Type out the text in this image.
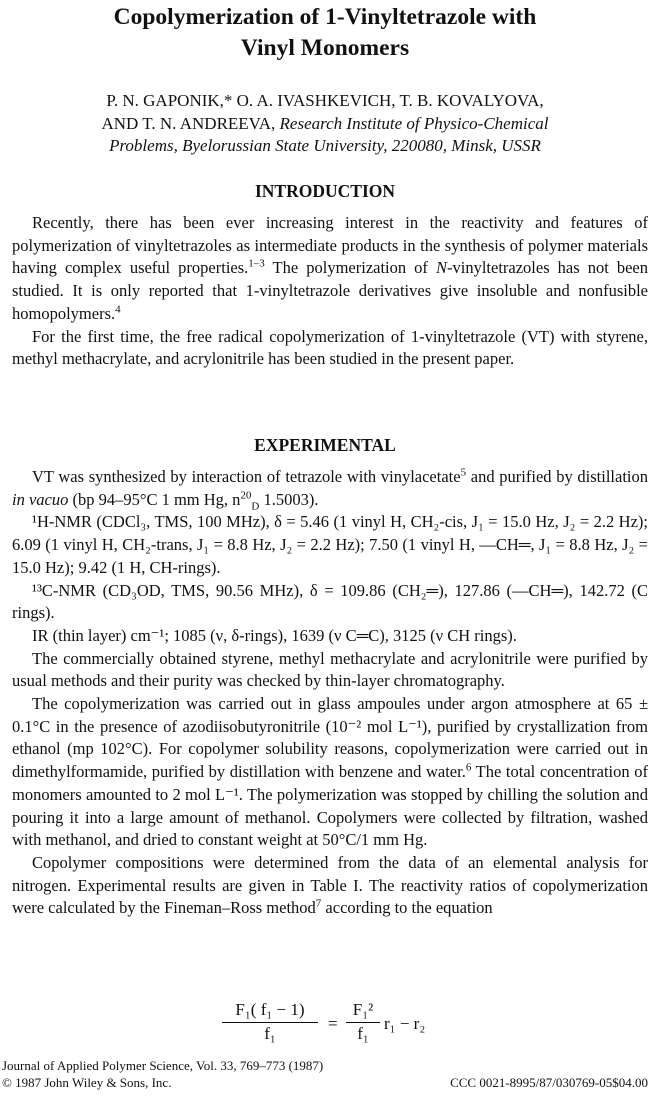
Copolymerization of 1-Vinyltetrazole with
Vinyl Monomers
P. N. GAPONIK,* O. A. IVASHKEVICH, T. B. KOVALYOVA,
AND T. N. ANDREEVA, Research Institute of Physico-Chemical
Problems, Byelorussian State University, 220080, Minsk, USSR
INTRODUCTION

Recently, there has been ever increasing interest in the reactivity and features of polymerization of vinyltetrazoles as intermediate products in the synthesis of polymer materials having complex useful properties.$^{1-3}$ The polymerization of N-vinyltetrazoles has not been studied. It is only reported that 1-vinyltetrazole derivatives give insoluble and nonfusible homopolymers.$^4$

For the first time, the free radical copolymerization of 1-vinyltetrazole (VT) with styrene, methyl methacrylate, and acrylonitrile has been studied in the present paper.

EXPERIMENTAL

VT was synthesized by interaction of tetrazole with vinylacetate$^5$ and purified by distillation in vacuo (bp 94–95°C 1 mm Hg, $n^{20}_D$ 1.5003).

¹H-NMR (CDCl₃, TMS, 100 MHz), δ = 5.46 (1 vinyl H, CH₂-cis, J₁ = 15.0 Hz, J₂ = 2.2 Hz); 6.09 (1 vinyl H, CH₂-trans, J₁ = 8.8 Hz, J₂ = 2.2 Hz); 7.50 (1 vinyl H, —CH═, J₁ = 8.8 Hz, J₂ = 15.0 Hz); 9.42 (1 H, CH-rings).

¹³C-NMR (CD₃OD, TMS, 90.56 MHz), δ = 109.86 (CH₂═), 127.86 (—CH═), 142.72 (C rings).

IR (thin layer) cm⁻¹; 1085 (ν, δ-rings), 1639 (ν C═C), 3125 (ν CH rings).

The commercially obtained styrene, methyl methacrylate and acrylonitrile were purified by usual methods and their purity was checked by thin-layer chromatography.

The copolymerization was carried out in glass ampoules under argon atmosphere at 65 ± 0.1°C in the presence of azodiisobutyronitrile (10⁻² mol L⁻¹), purified by crystallization from ethanol (mp 102°C). For copolymer solubility reasons, copolymerization were carried out in dimethylformamide, purified by distillation with benzene and water.$^6$ The total concentration of monomers amounted to 2 mol L⁻¹. The polymerization was stopped by chilling the solution and pouring it into a large amount of methanol. Copolymers were collected by filtration, washed with methanol, and dried to constant weight at 50°C/1 mm Hg.

Copolymer compositions were determined from the data of an elemental analysis for nitrogen. Experimental results are given in Table I. The reactivity ratios of copolymerization were calculated by the Fineman–Ross method$^7$ according to the equation

F₁( f₁ − 1)
f₁
=
F₁²
f₁
r₁ − r₂
Journal of Applied Polymer Science, Vol. 33, 769–773 (1987)
© 1987 John Wiley & Sons, Inc.	CCC 0021-8995/87/030769-05$04.00
